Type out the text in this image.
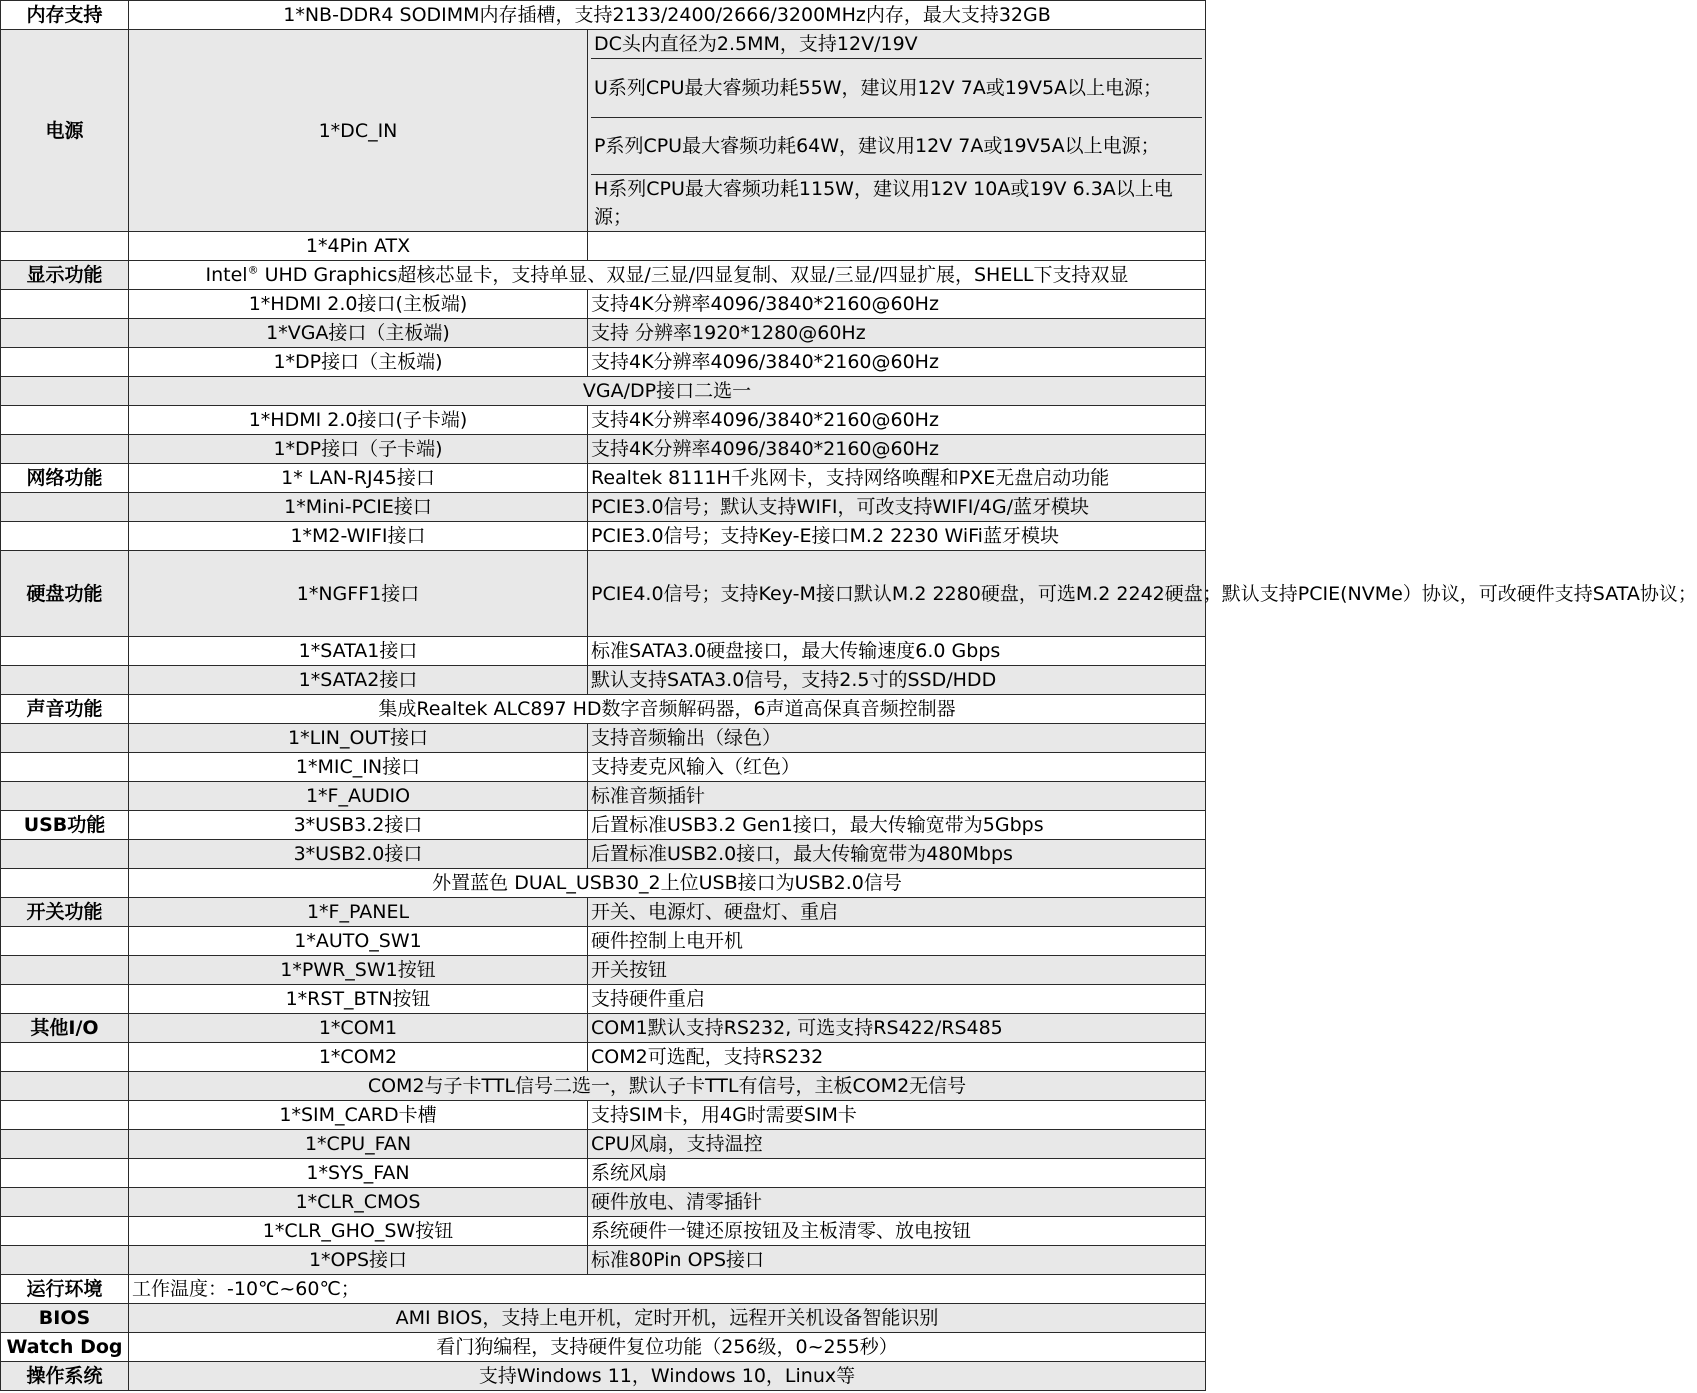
内存支持	1*NB-DDR4 SODIMM内存插槽，支持2133/2400/2666/3200MHz内存，最大支持32GB	
电源	1*DC_IN	DC头内直径为2.5MM，支持12V/19V
U系列CPU最大睿频功耗55W，建议用12V 7A或19V5A以上电源；
P系列CPU最大睿频功耗64W，建议用12V 7A或19V5A以上电源；
H系列CPU最大睿频功耗115W，建议用12V 10A或19V 6.3A以上电源；

	1*4Pin ATX	
显示功能	Intel® UHD Graphics超核芯显卡，支持单显、双显/三显/四显复制、双显/三显/四显扩展，SHELL下支持双显	
	1*HDMI 2.0接口(主板端)	支持4K分辨率4096/3840*2160@60Hz
	1*VGA接口（主板端)	支持 分辨率1920*1280@60Hz
	1*DP接口（主板端)	支持4K分辨率4096/3840*2160@60Hz
	VGA/DP接口二选一	
	1*HDMI 2.0接口(子卡端)	支持4K分辨率4096/3840*2160@60Hz
	1*DP接口（子卡端)	支持4K分辨率4096/3840*2160@60Hz
网络功能	1* LAN-RJ45接口	Realtek 8111H千兆网卡，支持网络唤醒和PXE无盘启动功能
	1*Mini-PCIE接口	PCIE3.0信号；默认支持WIFI，可改支持WIFI/4G/蓝牙模块
	1*M2-WIFI接口	PCIE3.0信号；支持Key-E接口M.2 2230 WiFi蓝牙模块
硬盘功能	1*NGFF1接口	PCIE4.0信号；支持Key-M接口默认M.2 2280硬盘，可选M.2 2242硬盘；默认支持PCIE(NVMe）协议，可改硬件支持SATA协议；
	1*SATA1接口	标准SATA3.0硬盘接口，最大传输速度6.0 Gbps
	1*SATA2接口	默认支持SATA3.0信号，支持2.5寸的SSD/HDD
声音功能	集成Realtek ALC897 HD数字音频解码器，6声道高保真音频控制器	
	1*LIN_OUT接口	支持音频输出（绿色）
	1*MIC_IN接口	支持麦克风输入（红色）
	1*F_AUDIO	标准音频插针
USB功能	3*USB3.2接口	后置标准USB3.2 Gen1接口，最大传输宽带为5Gbps
	3*USB2.0接口	后置标准USB2.0接口，最大传输宽带为480Mbps
	外置蓝色 DUAL_USB30_2上位USB接口为USB2.0信号	
开关功能	1*F_PANEL	开关、电源灯、硬盘灯、重启
	1*AUTO_SW1	硬件控制上电开机
	1*PWR_SW1按钮	开关按钮
	1*RST_BTN按钮	支持硬件重启
其他I/O	1*COM1	COM1默认支持RS232, 可选支持RS422/RS485
	1*COM2	COM2可选配，支持RS232
	COM2与子卡TTL信号二选一，默认子卡TTL有信号，主板COM2无信号	
	1*SIM_CARD卡槽	支持SIM卡，用4G时需要SIM卡
	1*CPU_FAN	CPU风扇，支持温控
	1*SYS_FAN	系统风扇
	1*CLR_CMOS	硬件放电、清零插针
	1*CLR_GHO_SW按钮	系统硬件一键还原按钮及主板清零、放电按钮
	1*OPS接口	标准80Pin OPS接口
运行环境	工作温度：-10℃~60℃；	
BIOS	AMI BIOS，支持上电开机，定时开机，远程开关机设备智能识别	
Watch Dog	看门狗编程，支持硬件复位功能（256级，0~255秒）	
操作系统	支持Windows 11，Windows 10，Linux等	
